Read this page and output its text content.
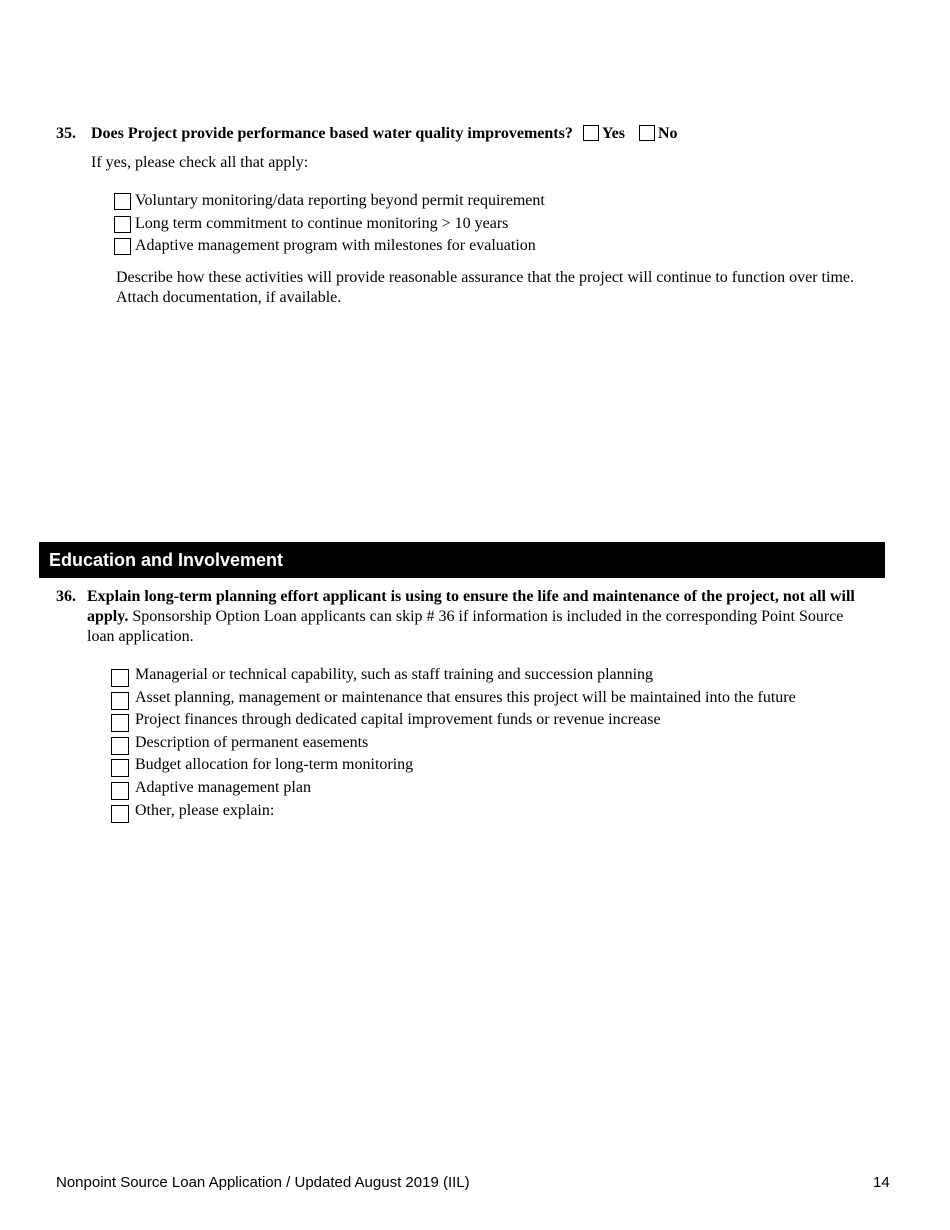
35. Does Project provide performance based water quality improvements? Yes No
If yes, please check all that apply:
Voluntary monitoring/data reporting beyond permit requirement
Long term commitment to continue monitoring > 10 years
Adaptive management program with milestones for evaluation
Describe how these activities will provide reasonable assurance that the project will continue to function over time. Attach documentation, if available.
Education and Involvement
36. Explain long-term planning effort applicant is using to ensure the life and maintenance of the project, not all will apply. Sponsorship Option Loan applicants can skip # 36 if information is included in the corresponding Point Source loan application.
Managerial or technical capability, such as staff training and succession planning
Asset planning, management or maintenance that ensures this project will be maintained into the future
Project finances through dedicated capital improvement funds or revenue increase
Description of permanent easements
Budget allocation for long-term monitoring
Adaptive management plan
Other, please explain:
Nonpoint Source Loan Application / Updated August 2019 (IIL)	14
